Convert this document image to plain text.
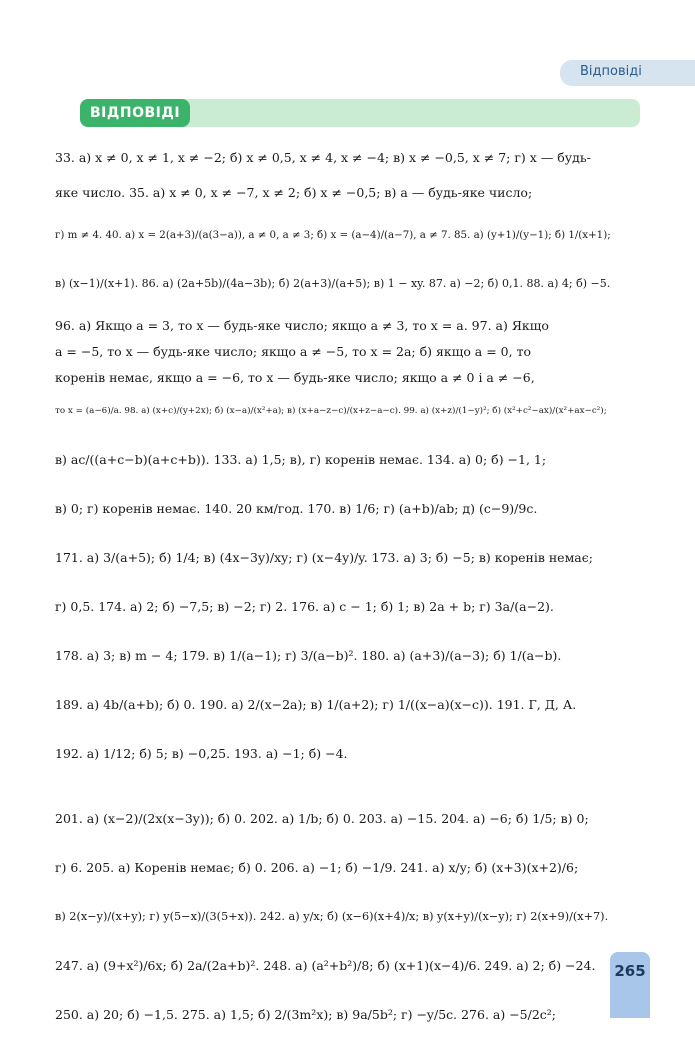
Відповіді
ВІДПОВІДІ
33. а) x ≠ 0, x ≠ 1, x ≠ −2; б) x ≠ 0,5, x ≠ 4, x ≠ −4; в) x ≠ −0,5, x ≠ 7; г) x — будь-
яке число. 35. а) x ≠ 0, x ≠ −7, x ≠ 2; б) x ≠ −0,5; в) a — будь-яке число;
г) m ≠ 4. 40. а) x = 2(a+3)/(a(3−a)), a ≠ 0, a ≠ 3; б) x = (a−4)/(a−7), a ≠ 7. 85. а) (y+1)/(y−1); б) 1/(x+1);
в) (x−1)/(x+1). 86. а) (2a+5b)/(4a−3b); б) 2(a+3)/(a+5); в) 1 − xy. 87. а) −2; б) 0,1. 88. а) 4; б) −5.
96. а) Якщо a = 3, то x — будь-яке число; якщо a ≠ 3, то x = a. 97. а) Якщо
a = −5, то x — будь-яке число; якщо a ≠ −5, то x = 2a; б) якщо a = 0, то
коренів немає, якщо a = −6, то x — будь-яке число; якщо a ≠ 0 і a ≠ −6,
то x = (a−6)/a. 98. а) (x+c)/(y+2x); б) (x−a)/(x²+a); в) (x+a−z−c)/(x+z−a−c). 99. а) (x+z)/(1−y)²; б) (x²+c²−ax)/(x²+ax−c²);
в) ac/((a+c−b)(a+c+b)). 133. а) 1,5; в), г) коренів немає. 134. а) 0; б) −1, 1;
в) 0; г) коренів немає. 140. 20 км/год. 170. в) 1/6; г) (a+b)/ab; д) (c−9)/9c.
171. а) 3/(a+5); б) 1/4; в) (4x−3y)/xy; г) (x−4y)/y. 173. а) 3; б) −5; в) коренів немає;
г) 0,5. 174. а) 2; б) −7,5; в) −2; г) 2. 176. а) c − 1; б) 1; в) 2a + b; г) 3a/(a−2).
178. а) 3; в) m − 4; 179. в) 1/(a−1); г) 3/(a−b)². 180. а) (a+3)/(a−3); б) 1/(a−b).
189. а) 4b/(a+b); б) 0. 190. а) 2/(x−2a); в) 1/(a+2); г) 1/((x−a)(x−c)). 191. Г, Д, А.
192. а) 1/12; б) 5; в) −0,25. 193. а) −1; б) −4.
201. а) (x−2)/(2x(x−3y)); б) 0. 202. а) 1/b; б) 0. 203. а) −15. 204. а) −6; б) 1/5; в) 0;
г) 6. 205. а) Коренів немає; б) 0. 206. а) −1; б) −1/9. 241. а) x/y; б) (x+3)(x+2)/6;
в) 2(x−y)/(x+y); г) y(5−x)/(3(5+x)). 242. а) y/x; б) (x−6)(x+4)/x; в) y(x+y)/(x−y); г) 2(x+9)/(x+7).
247. а) (9+x²)/6x; б) 2a/(2a+b)². 248. а) (a²+b²)/8; б) (x+1)(x−4)/6. 249. а) 2; б) −24.
250. а) 20; б) −1,5. 275. а) 1,5; б) 2/(3m²x); в) 9a/5b²; г) −y/5c. 276. а) −5/2c²;
265
